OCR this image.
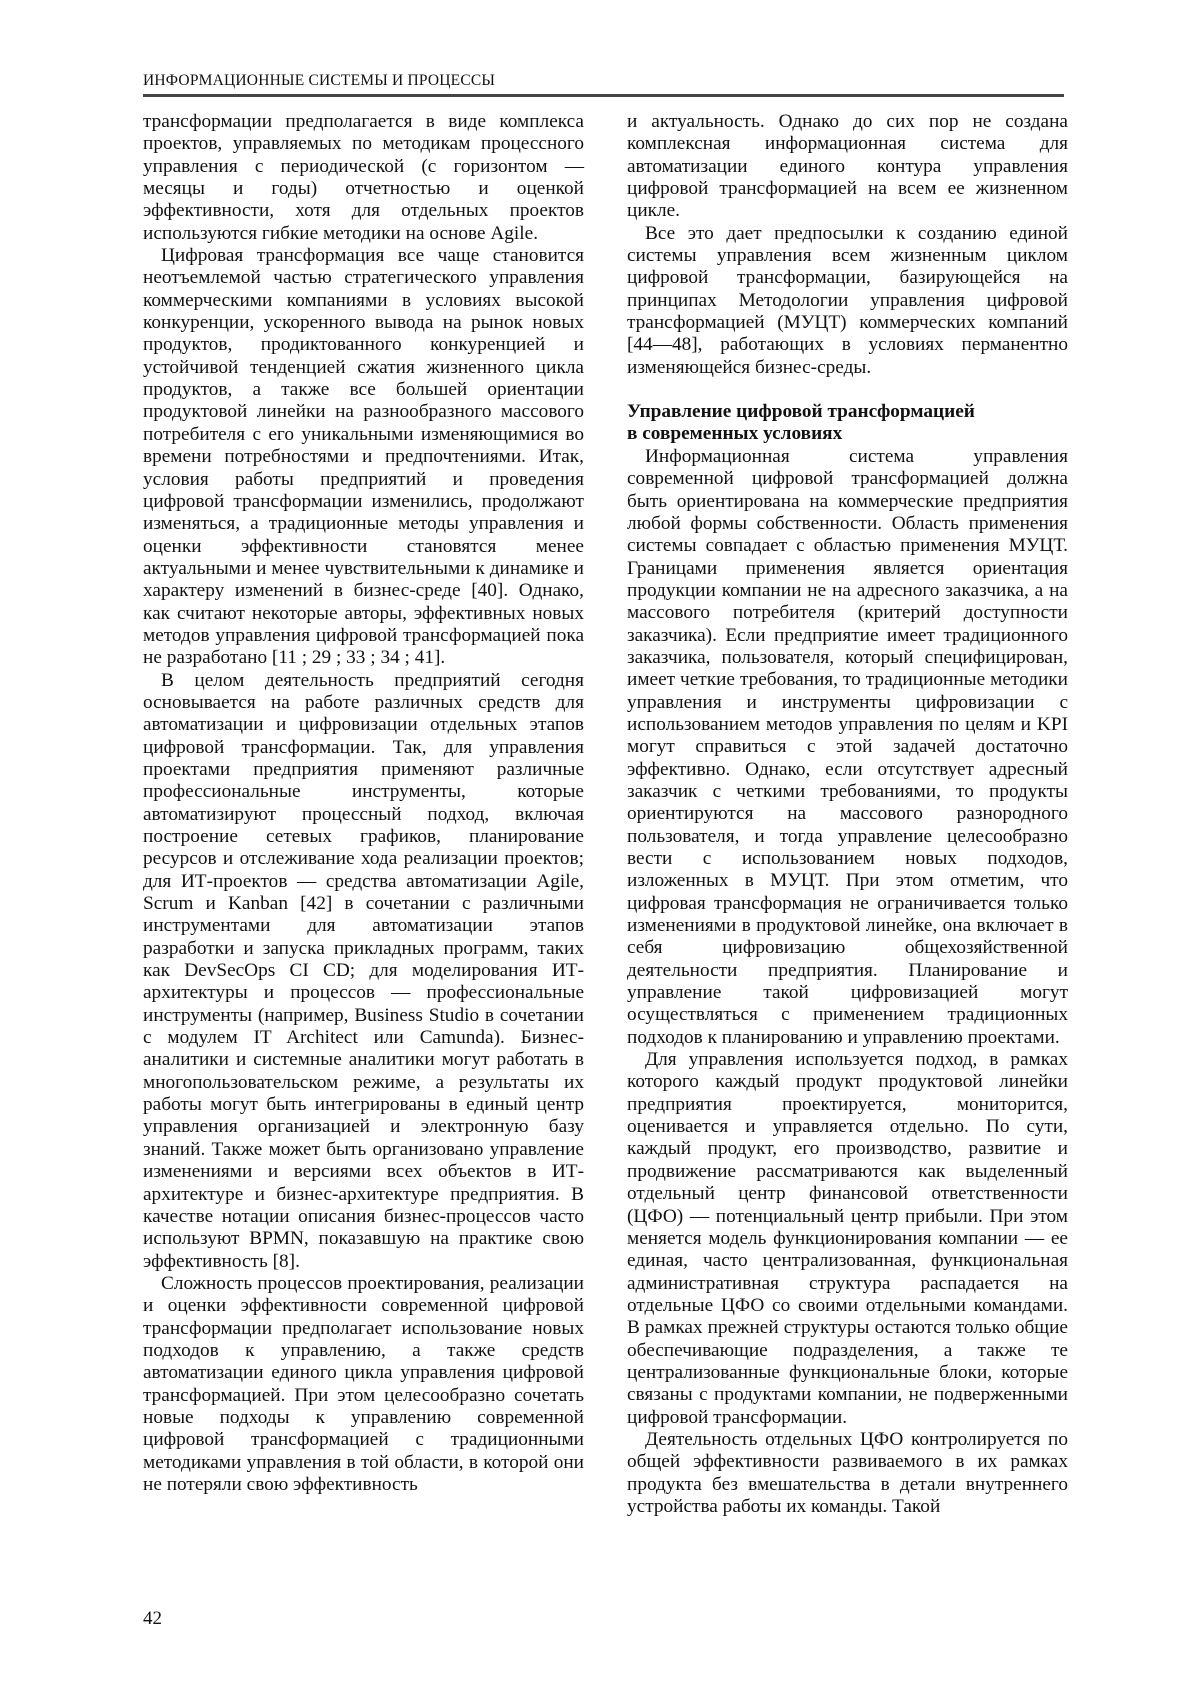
ИНФОРМАЦИОННЫЕ СИСТЕМЫ И ПРОЦЕССЫ

трансформации предполагается в виде комплекса проектов, управляемых по методикам процессного управления с периодической (с горизонтом — месяцы и годы) отчетностью и оценкой эффективности, хотя для отдельных проектов используются гибкие методики на основе Agile.

Цифровая трансформация все чаще становится неотъемлемой частью стратегического управления коммерческими компаниями в условиях высокой конкуренции, ускоренного вывода на рынок новых продуктов, продиктованного конкуренцией и устойчивой тенденцией сжатия жизненного цикла продуктов, а также все большей ориентации продуктовой линейки на разнообразного массового потребителя с его уникальными изменяющимися во времени потребностями и предпочтениями. Итак, условия работы предприятий и проведения цифровой трансформации изменились, продолжают изменяться, а традиционные методы управления и оценки эффективности становятся менее актуальными и менее чувствительными к динамике и характеру изменений в бизнес-среде [40]. Однако, как считают некоторые авторы, эффективных новых методов управления цифровой трансформацией пока не разработано [11 ; 29 ; 33 ; 34 ; 41].

В целом деятельность предприятий сегодня основывается на работе различных средств для автоматизации и цифровизации отдельных этапов цифровой трансформации. Так, для управления проектами предприятия применяют различные профессиональные инструменты, которые автоматизируют процессный подход, включая построение сетевых графиков, планирование ресурсов и отслеживание хода реализации проектов; для ИТ-проектов — средства автоматизации Agile, Scrum и Kanban [42] в сочетании с различными инструментами для автоматизации этапов разработки и запуска прикладных программ, таких как DevSecOps CI CD; для моделирования ИТ-архитектуры и процессов — профессиональные инструменты (например, Business Studio в сочетании с модулем IT Architect или Camunda). Бизнес-аналитики и системные аналитики могут работать в многопользовательском режиме, а результаты их работы могут быть интегрированы в единый центр управления организацией и электронную базу знаний. Также может быть организовано управление изменениями и версиями всех объектов в ИТ-архитектуре и бизнес-архитектуре предприятия. В качестве нотации описания бизнес-процессов часто используют BPMN, показавшую на практике свою эффективность [8].

Сложность процессов проектирования, реализации и оценки эффективности современной цифровой трансформации предполагает использование новых подходов к управлению, а также средств автоматизации единого цикла управления цифровой трансформацией. При этом целесообразно сочетать новые подходы к управлению современной цифровой трансформацией с традиционными методиками управления в той области, в которой они не потеряли свою эффективность

и актуальность. Однако до сих пор не создана комплексная информационная система для автоматизации единого контура управления цифровой трансформацией на всем ее жизненном цикле.

Все это дает предпосылки к созданию единой системы управления всем жизненным циклом цифровой трансформации, базирующейся на принципах Методологии управления цифровой трансформацией (МУЦТ) коммерческих компаний [44—48], работающих в условиях перманентно изменяющейся бизнес-среды.

Управление цифровой трансформацией
в современных условиях

Информационная система управления современной цифровой трансформацией должна быть ориентирована на коммерческие предприятия любой формы собственности. Область применения системы совпадает с областью применения МУЦТ. Границами применения является ориентация продукции компании не на адресного заказчика, а на массового потребителя (критерий доступности заказчика). Если предприятие имеет традиционного заказчика, пользователя, который специфицирован, имеет четкие требования, то традиционные методики управления и инструменты цифровизации с использованием методов управления по целям и KPI могут справиться с этой задачей достаточно эффективно. Однако, если отсутствует адресный заказчик с четкими требованиями, то продукты ориентируются на массового разнородного пользователя, и тогда управление целесообразно вести с использованием новых подходов, изложенных в МУЦТ. При этом отметим, что цифровая трансформация не ограничивается только изменениями в продуктовой линейке, она включает в себя цифровизацию общехозяйственной деятельности предприятия. Планирование и управление такой цифровизацией могут осуществляться с применением традиционных подходов к планированию и управлению проектами.

Для управления используется подход, в рамках которого каждый продукт продуктовой линейки предприятия проектируется, мониторится, оценивается и управляется отдельно. По сути, каждый продукт, его производство, развитие и продвижение рассматриваются как выделенный отдельный центр финансовой ответственности (ЦФО) — потенциальный центр прибыли. При этом меняется модель функционирования компании — ее единая, часто централизованная, функциональная административная структура распадается на отдельные ЦФО со своими отдельными командами. В рамках прежней структуры остаются только общие обеспечивающие подразделения, а также те централизованные функциональные блоки, которые связаны с продуктами компании, не подверженными цифровой трансформации.

Деятельность отдельных ЦФО контролируется по общей эффективности развиваемого в их рамках продукта без вмешательства в детали внутреннего устройства работы их команды. Такой

42
